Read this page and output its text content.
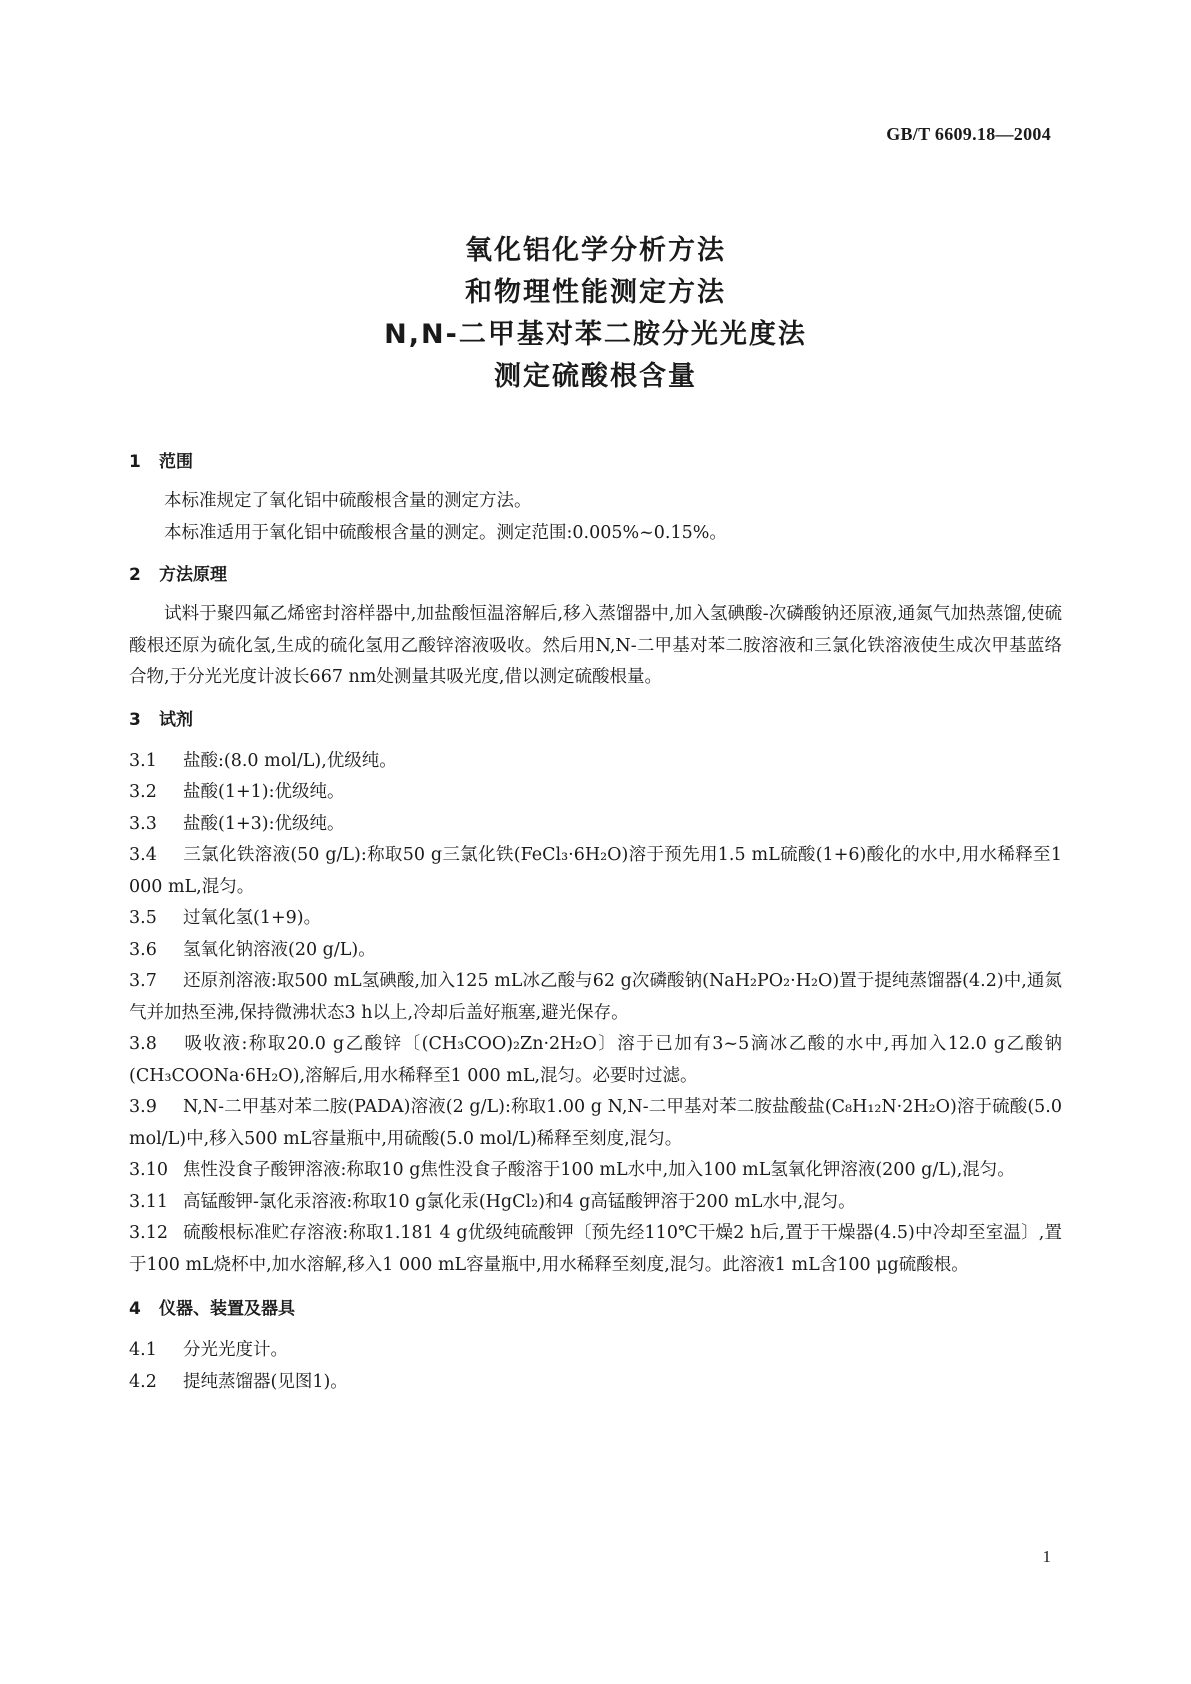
GB/T 6609.18—2004
氧化铝化学分析方法
和物理性能测定方法
N,N-二甲基对苯二胺分光光度法
测定硫酸根含量
1 范围

本标准规定了氧化铝中硫酸根含量的测定方法。

本标准适用于氧化铝中硫酸根含量的测定。测定范围:0.005%~0.15%。

2 方法原理

试料于聚四氟乙烯密封溶样器中,加盐酸恒温溶解后,移入蒸馏器中,加入氢碘酸-次磷酸钠还原液,通氮气加热蒸馏,使硫酸根还原为硫化氢,生成的硫化氢用乙酸锌溶液吸收。然后用N,N-二甲基对苯二胺溶液和三氯化铁溶液使生成次甲基蓝络合物,于分光光度计波长667 nm处测量其吸光度,借以测定硫酸根量。

3 试剂

3.1 盐酸:(8.0 mol/L),优级纯。

3.2 盐酸(1+1):优级纯。

3.3 盐酸(1+3):优级纯。

3.4 三氯化铁溶液(50 g/L):称取50 g三氯化铁(FeCl₃·6H₂O)溶于预先用1.5 mL硫酸(1+6)酸化的水中,用水稀释至1 000 mL,混匀。

3.5 过氧化氢(1+9)。

3.6 氢氧化钠溶液(20 g/L)。

3.7 还原剂溶液:取500 mL氢碘酸,加入125 mL冰乙酸与62 g次磷酸钠(NaH₂PO₂·H₂O)置于提纯蒸馏器(4.2)中,通氮气并加热至沸,保持微沸状态3 h以上,冷却后盖好瓶塞,避光保存。

3.8 吸收液:称取20.0 g乙酸锌〔(CH₃COO)₂Zn·2H₂O〕溶于已加有3~5滴冰乙酸的水中,再加入12.0 g乙酸钠(CH₃COONa·6H₂O),溶解后,用水稀释至1 000 mL,混匀。必要时过滤。

3.9 N,N-二甲基对苯二胺(PADA)溶液(2 g/L):称取1.00 g N,N-二甲基对苯二胺盐酸盐(C₈H₁₂N·2H₂O)溶于硫酸(5.0 mol/L)中,移入500 mL容量瓶中,用硫酸(5.0 mol/L)稀释至刻度,混匀。

3.10 焦性没食子酸钾溶液:称取10 g焦性没食子酸溶于100 mL水中,加入100 mL氢氧化钾溶液(200 g/L),混匀。

3.11 高锰酸钾-氯化汞溶液:称取10 g氯化汞(HgCl₂)和4 g高锰酸钾溶于200 mL水中,混匀。

3.12 硫酸根标准贮存溶液:称取1.181 4 g优级纯硫酸钾〔预先经110℃干燥2 h后,置于干燥器(4.5)中冷却至室温〕,置于100 mL烧杯中,加水溶解,移入1 000 mL容量瓶中,用水稀释至刻度,混匀。此溶液1 mL含100 μg硫酸根。

4 仪器、装置及器具

4.1 分光光度计。

4.2 提纯蒸馏器(见图1)。

1
